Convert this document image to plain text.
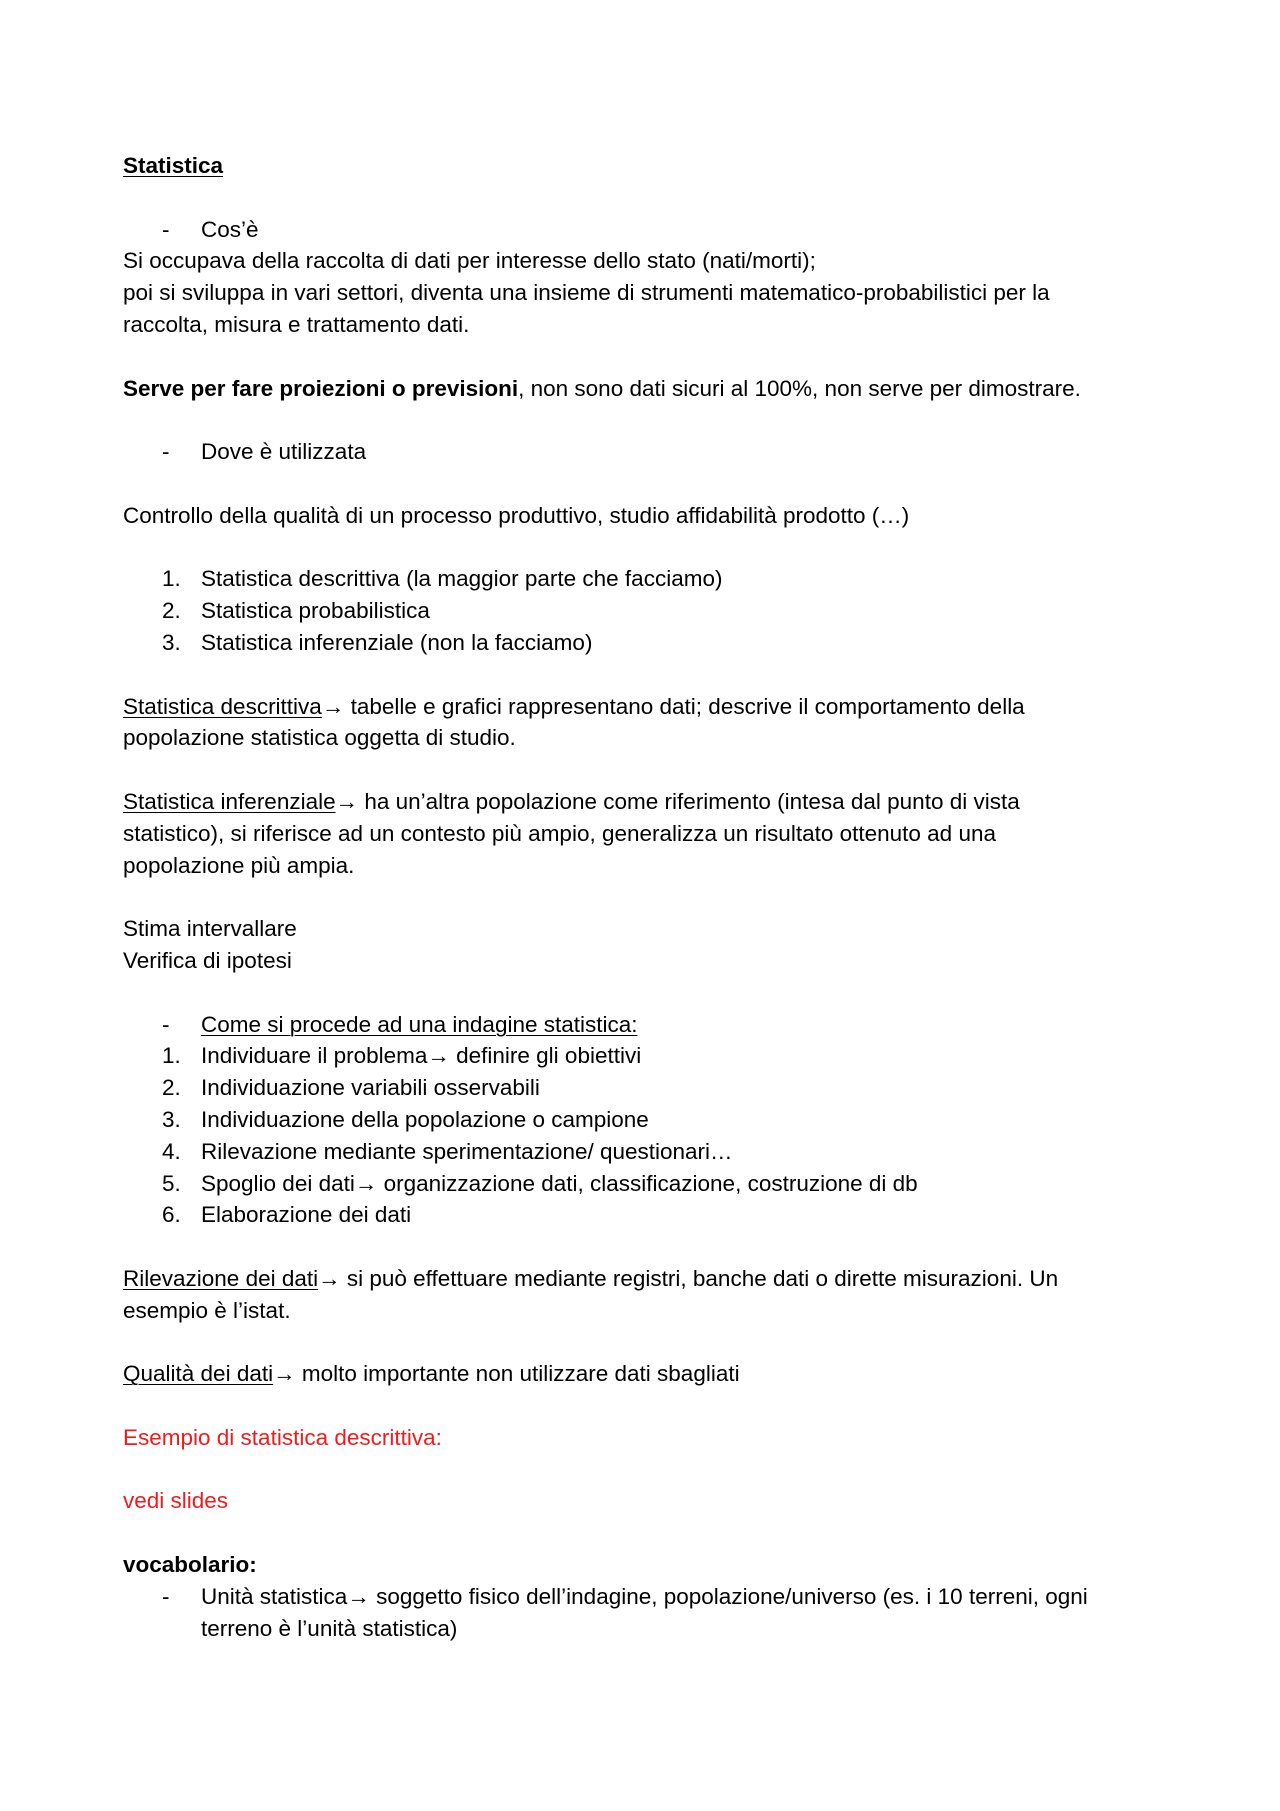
Statistica
-	Cos’è
Si occupava della raccolta di dati per interesse dello stato (nati/morti);
poi si sviluppa in vari settori, diventa una insieme di strumenti matematico-probabilistici per la
raccolta, misura e trattamento dati.
Serve per fare proiezioni o previsioni, non sono dati sicuri al 100%, non serve per dimostrare.
-	Dove è utilizzata
Controllo della qualità di un processo produttivo, studio affidabilità prodotto (…)
1. Statistica descrittiva (la maggior parte che facciamo)
2. Statistica probabilistica
3. Statistica inferenziale (non la facciamo)
Statistica descrittiva→ tabelle e grafici rappresentano dati; descrive il comportamento della
popolazione statistica oggetta di studio.
Statistica inferenziale→ ha un’altra popolazione come riferimento (intesa dal punto di vista
statistico), si riferisce ad un contesto più ampio, generalizza un risultato ottenuto ad una
popolazione più ampia.
Stima intervallare
Verifica di ipotesi
-	Come si procede ad una indagine statistica:
1. Individuare il problema→ definire gli obiettivi
2. Individuazione variabili osservabili
3. Individuazione della popolazione o campione
4. Rilevazione mediante sperimentazione/ questionari…
5. Spoglio dei dati→ organizzazione dati, classificazione, costruzione di db
6. Elaborazione dei dati
Rilevazione dei dati→ si può effettuare mediante registri, banche dati o dirette misurazioni. Un
esempio è l’istat.
Qualità dei dati→ molto importante non utilizzare dati sbagliati
Esempio di statistica descrittiva:
vedi slides
vocabolario:
-	Unità statistica→ soggetto fisico dell’indagine, popolazione/universo (es. i 10 terreni, ogni
terreno è l’unità statistica)
